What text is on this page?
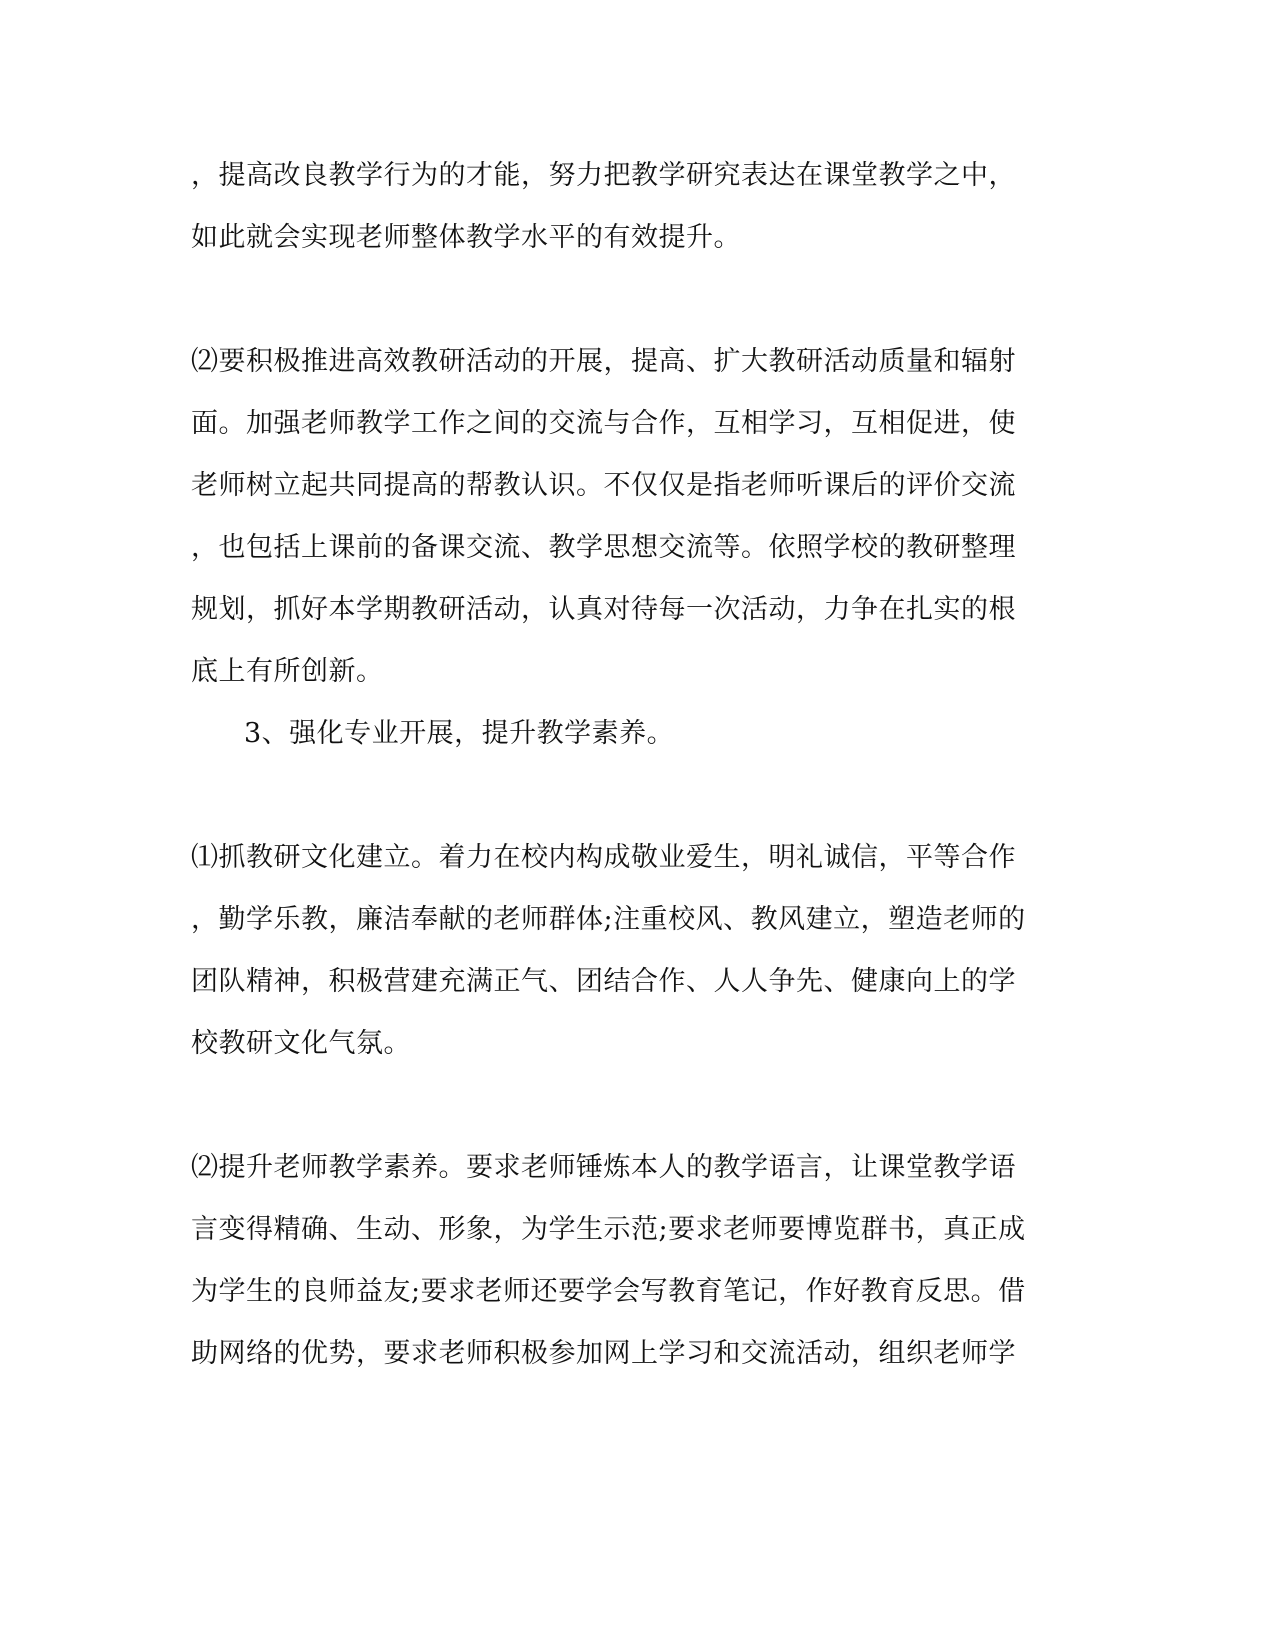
，提高改良教学行为的才能，努力把教学研究表达在课堂教学之中，
如此就会实现老师整体教学水平的有效提升。
⑵要积极推进高效教研活动的开展，提高、扩大教研活动质量和辐射
面。加强老师教学工作之间的交流与合作，互相学习，互相促进，使
老师树立起共同提高的帮教认识。不仅仅是指老师听课后的评价交流
，也包括上课前的备课交流、教学思想交流等。依照学校的教研整理
规划，抓好本学期教研活动，认真对待每一次活动，力争在扎实的根
底上有所创新。
3、强化专业开展，提升教学素养。
⑴抓教研文化建立。着力在校内构成敬业爱生，明礼诚信，平等合作
，勤学乐教，廉洁奉献的老师群体;注重校风、教风建立，塑造老师的
团队精神，积极营建充满正气、团结合作、人人争先、健康向上的学
校教研文化气氛。
⑵提升老师教学素养。要求老师锤炼本人的教学语言，让课堂教学语
言变得精确、生动、形象，为学生示范;要求老师要博览群书，真正成
为学生的良师益友;要求老师还要学会写教育笔记，作好教育反思。借
助网络的优势，要求老师积极参加网上学习和交流活动，组织老师学
